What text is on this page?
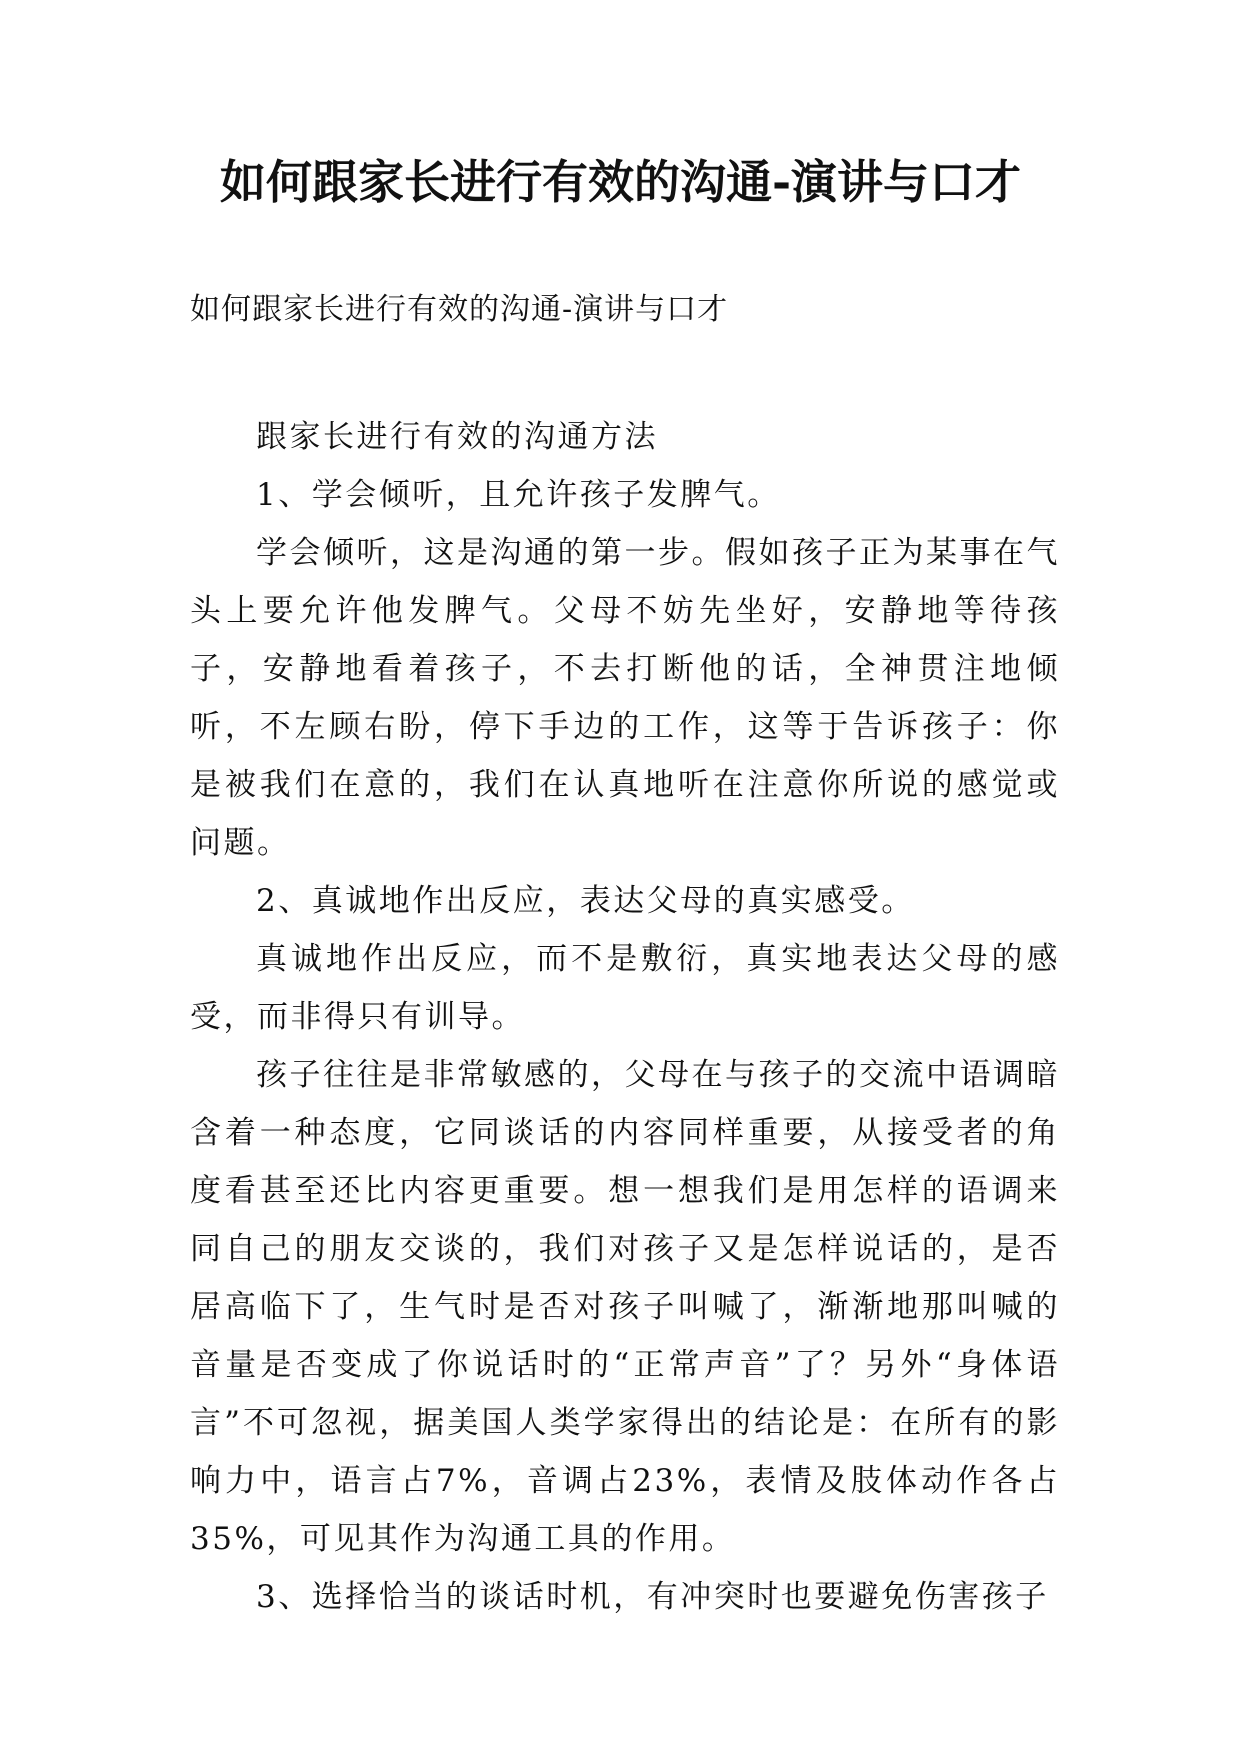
如何跟家长进行有效的沟通-演讲与口才
如何跟家长进行有效的沟通-演讲与口才

跟家长进行有效的沟通方法

1、学会倾听，且允许孩子发脾气。

学会倾听，这是沟通的第一步。假如孩子正为某事在气头上要允许他发脾气。父母不妨先坐好，安静地等待孩子，安静地看着孩子，不去打断他的话，全神贯注地倾听，不左顾右盼，停下手边的工作，这等于告诉孩子：你是被我们在意的，我们在认真地听在注意你所说的感觉或问题。

2、真诚地作出反应，表达父母的真实感受。

真诚地作出反应，而不是敷衍，真实地表达父母的感受，而非得只有训导。

孩子往往是非常敏感的，父母在与孩子的交流中语调暗含着一种态度，它同谈话的内容同样重要，从接受者的角度看甚至还比内容更重要。想一想我们是用怎样的语调来同自己的朋友交谈的，我们对孩子又是怎样说话的，是否居高临下了，生气时是否对孩子叫喊了，渐渐地那叫喊的音量是否变成了你说话时的“正常声音”了？另外“身体语言”不可忽视，据美国人类学家得出的结论是：在所有的影响力中，语言占7%，音调占23%，表情及肢体动作各占35%，可见其作为沟通工具的作用。

3、选择恰当的谈话时机，有冲突时也要避免伤害孩子
